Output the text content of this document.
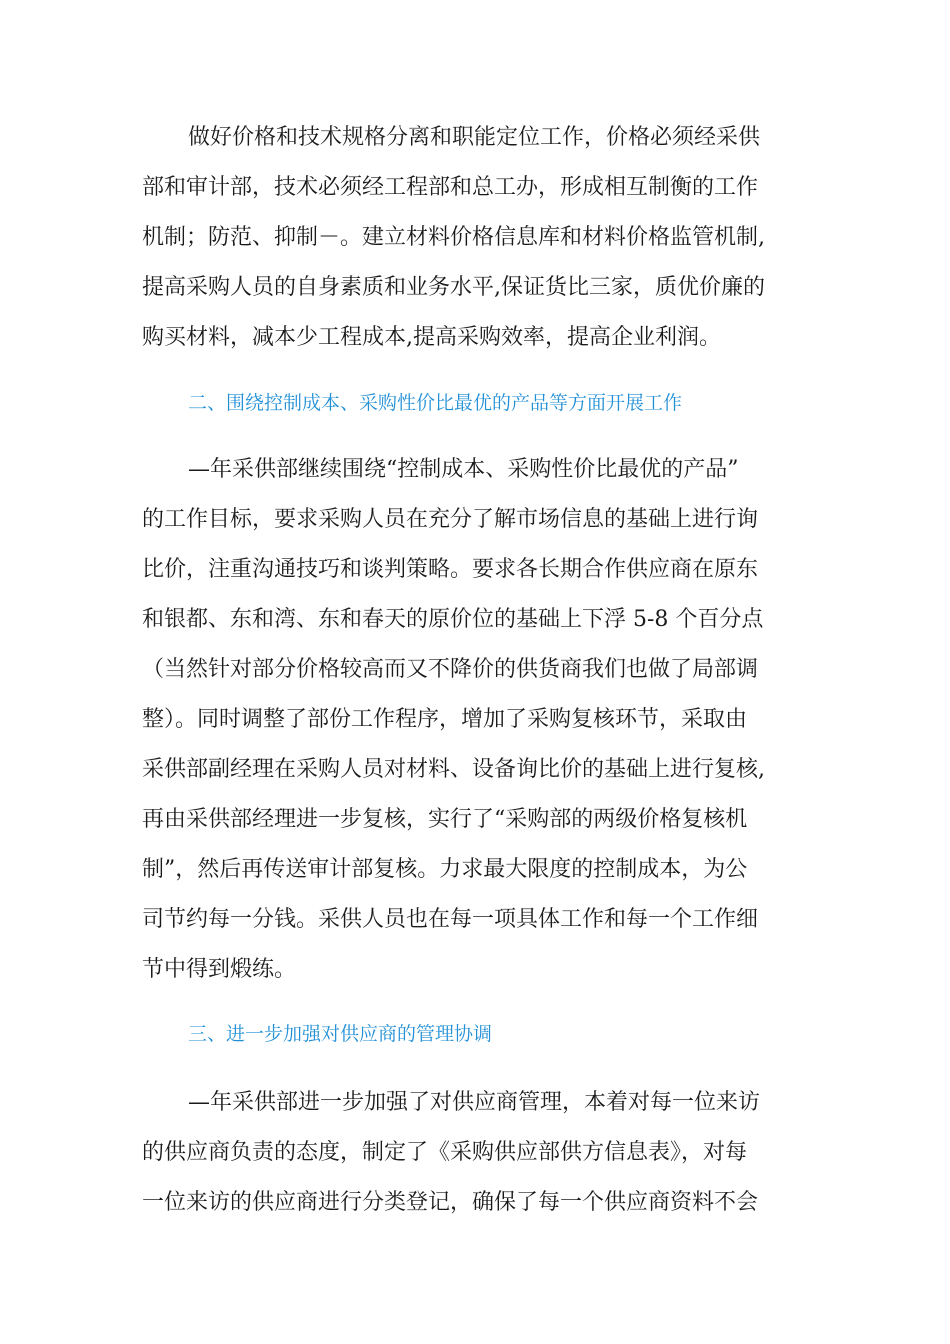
做好价格和技术规格分离和职能定位工作，价格必须经采供
部和审计部，技术必须经工程部和总工办，形成相互制衡的工作
机制；防范、抑制－。建立材料价格信息库和材料价格监管机制,
提高采购人员的自身素质和业务水平,保证货比三家，质优价廉的
购买材料，减本少工程成本,提高采购效率，提高企业利润。
二、围绕控制成本、采购性价比最优的产品等方面开展工作
—年采供部继续围绕“控制成本、采购性价比最优的产品”
的工作目标，要求采购人员在充分了解市场信息的基础上进行询
比价，注重沟通技巧和谈判策略。要求各长期合作供应商在原东
和银都、东和湾、东和春天的原价位的基础上下浮 5-8 个百分点
（当然针对部分价格较高而又不降价的供货商我们也做了局部调
整）。同时调整了部份工作程序，增加了采购复核环节，采取由
采供部副经理在采购人员对材料、设备询比价的基础上进行复核,
再由采供部经理进一步复核，实行了“采购部的两级价格复核机
制”，然后再传送审计部复核。力求最大限度的控制成本，为公
司节约每一分钱。采供人员也在每一项具体工作和每一个工作细
节中得到煅练。
三、进一步加强对供应商的管理协调
—年采供部进一步加强了对供应商管理，本着对每一位来访
的供应商负责的态度，制定了《采购供应部供方信息表》，对每
一位来访的供应商进行分类登记，确保了每一个供应商资料不会
